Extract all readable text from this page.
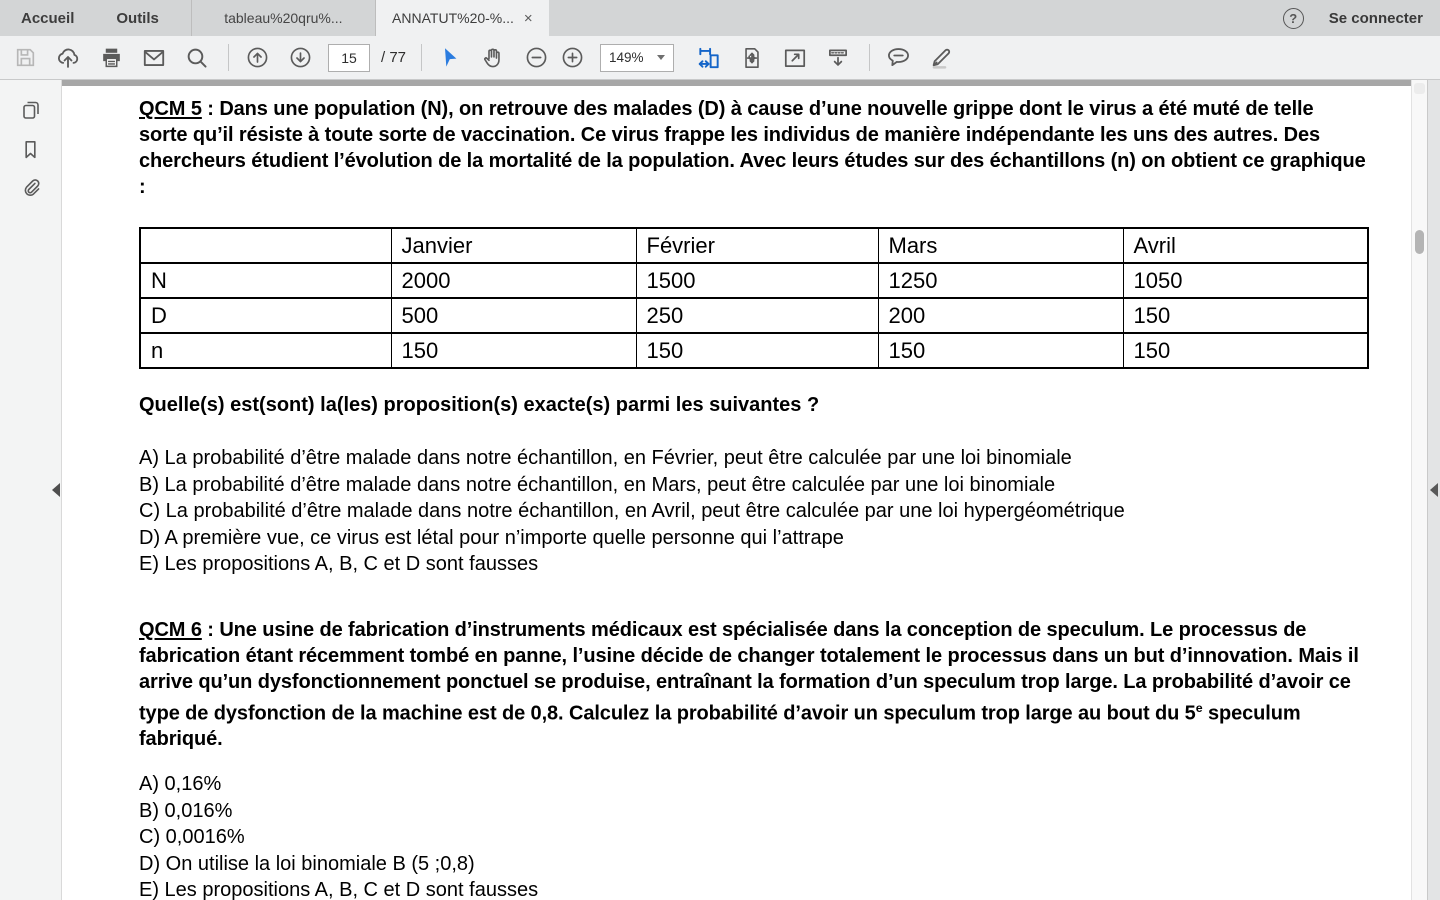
Accueil	Outils	tableau%20qru%...	ANNATUT%20-%... ×	?	Se connecter
15
/ 77	149%

QCM 5 : Dans une population (N), on retrouve des malades (D) à cause d’une nouvelle grippe dont le virus a été muté de telle sorte qu’il résiste à toute sorte de vaccination. Ce virus frappe les individus de manière indépendante les uns des autres. Des chercheurs étudient l’évolution de la mortalité de la population. Avec leurs études sur des échantillons (n) on obtient ce graphique :

	Janvier	Février	Mars	Avril
N	2000	1500	1250	1050
D	500	250	200	150
n	150	150	150	150

Quelle(s) est(sont) la(les) proposition(s) exacte(s) parmi les suivantes ?

A) La probabilité d’être malade dans notre échantillon, en Février, peut être calculée par une loi binomiale
B) La probabilité d’être malade dans notre échantillon, en Mars, peut être calculée par une loi binomiale
C) La probabilité d’être malade dans notre échantillon, en Avril, peut être calculée par une loi hypergéométrique
D) A première vue, ce virus est létal pour n’importe quelle personne qui l’attrape
E) Les propositions A, B, C et D sont fausses

QCM 6 : Une usine de fabrication d’instruments médicaux est spécialisée dans la conception de speculum. Le processus de fabrication étant récemment tombé en panne, l’usine décide de changer totalement le processus dans un but d’innovation. Mais il arrive qu’un dysfonctionnement ponctuel se produise, entraînant la formation d’un speculum trop large. La probabilité d’avoir ce type de dysfonction de la machine est de 0,8. Calculez la probabilité d’avoir un speculum trop large au bout du 5e speculum fabriqué.

A) 0,16%
B) 0,016%
C) 0,0016%
D) On utilise la loi binomiale B (5 ;0,8)
E) Les propositions A, B, C et D sont fausses
